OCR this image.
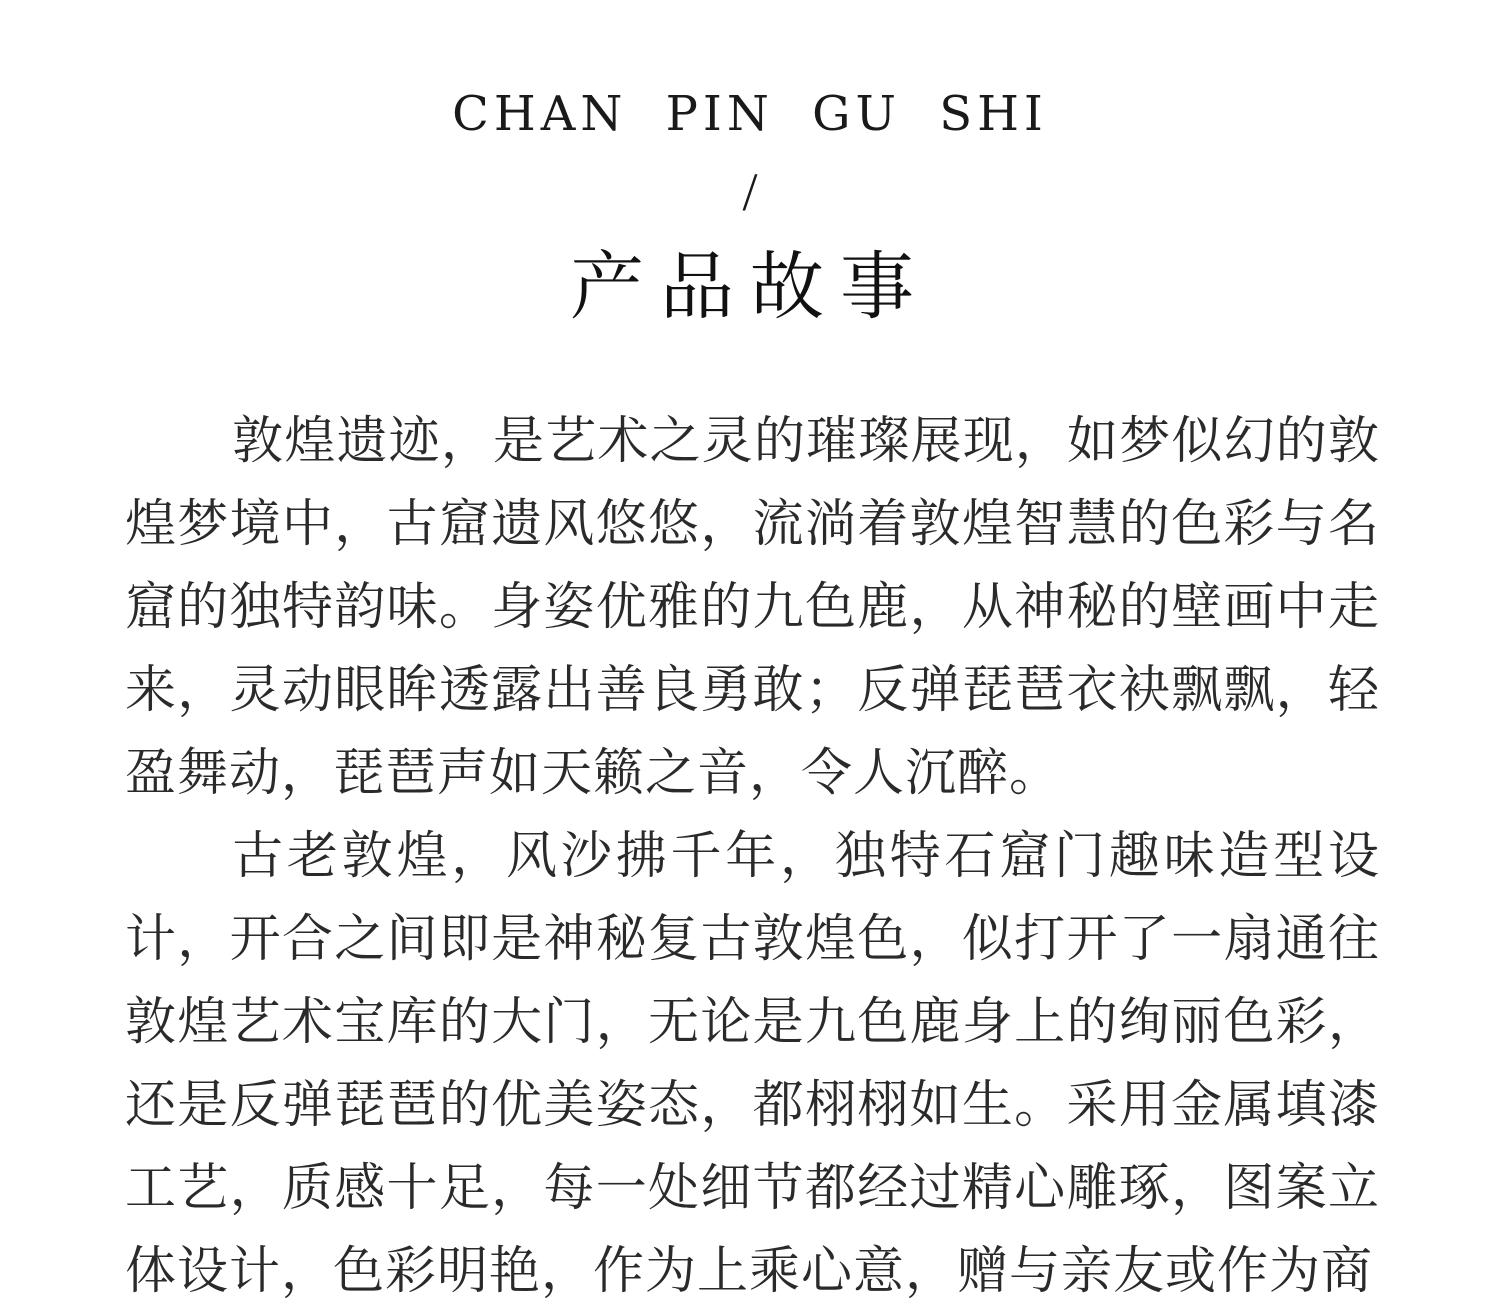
CHAN PIN GU SHI
/
产品故事

敦煌遗迹，是艺术之灵的璀璨展现，如梦似幻的敦煌梦境中，古窟遗风悠悠，流淌着敦煌智慧的色彩与名窟的独特韵味。身姿优雅的九色鹿，从神秘的壁画中走来，灵动眼眸透露出善良勇敢；反弹琵琶衣袂飘飘，轻盈舞动，琵琶声如天籁之音，令人沉醉。

古老敦煌，风沙拂千年，独特石窟门趣味造型设计，开合之间即是神秘复古敦煌色，似打开了一扇通往敦煌艺术宝库的大门，无论是九色鹿身上的绚丽色彩，还是反弹琵琶的优美姿态，都栩栩如生。采用金属填漆工艺，质感十足，每一处细节都经过精心雕琢，图案立体设计，色彩明艳，作为上乘心意，赠与亲友或作为商
